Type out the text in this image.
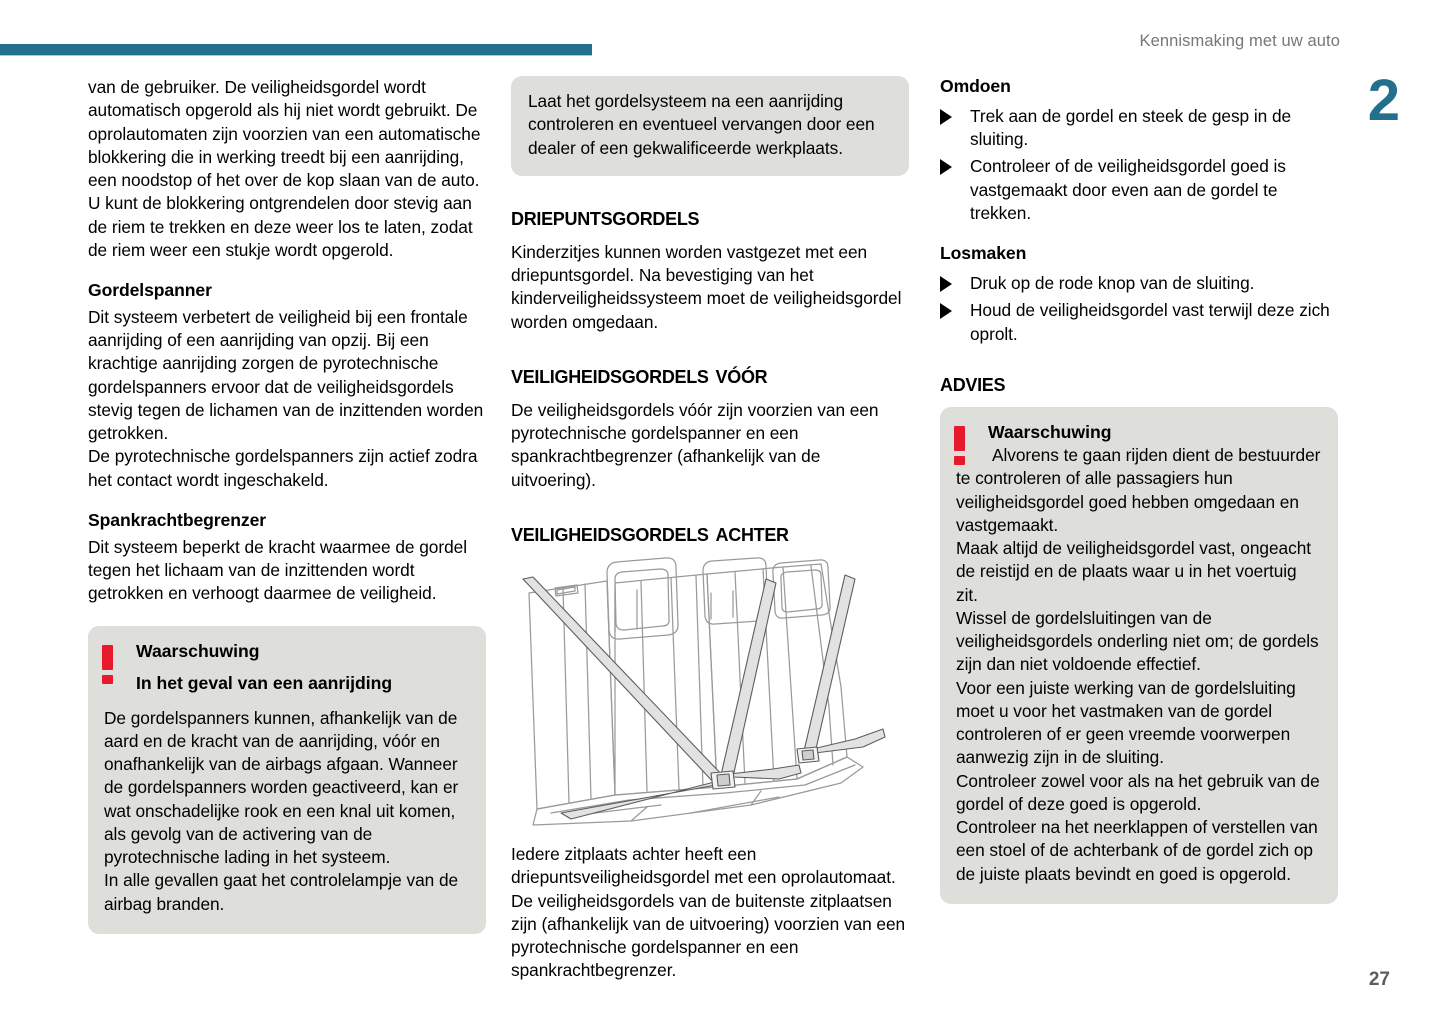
Kennismaking met uw auto
2
27

van de gebruiker. De veiligheidsgordel wordt automatisch opgerold als hij niet wordt gebruikt. De oprolautomaten zijn voorzien van een automatische blokkering die in werking treedt bij een aanrijding, een noodstop of het over de kop slaan van de auto. U kunt de blokkering ontgrendelen door stevig aan de riem te trekken en deze weer los te laten, zodat de riem weer een stukje wordt opgerold.

Gordelspanner

Dit systeem verbetert de veiligheid bij een frontale aanrijding of een aanrijding van opzij. Bij een krachtige aanrijding zorgen de pyrotechnische gordelspanners ervoor dat de veiligheidsgordels stevig tegen de lichamen van de inzittenden worden getrokken.

De pyrotechnische gordelspanners zijn actief zodra het contact wordt ingeschakeld.

Spankrachtbegrenzer

Dit systeem beperkt de kracht waarmee de gordel tegen het lichaam van de inzittenden wordt getrokken en verhoogt daarmee de veiligheid.

Waarschuwing
In het geval van een aanrijding

De gordelspanners kunnen, afhankelijk van de aard en de kracht van de aanrijding, vóór en onafhankelijk van de airbags afgaan. Wanneer de gordelspanners worden geactiveerd, kan er wat onschadelijke rook en een knal uit komen, als gevolg van de activering van de pyrotechnische lading in het systeem.

In alle gevallen gaat het controlelampje van de airbag branden.

Laat het gordelsysteem na een aanrijding controleren en eventueel vervangen door een dealer of een gekwalificeerde werkplaats.

driepuntsgordels

Kinderzitjes kunnen worden vastgezet met een driepuntsgordel. Na bevestiging van het kinderveiligheidssysteem moet de veiligheidsgordel worden omgedaan.

veiligheidsgordels vóór

De veiligheidsgordels vóór zijn voorzien van een pyrotechnische gordelspanner en een spankrachtbegrenzer (afhankelijk van de uitvoering).

veiligheidsgordels achter

Iedere zitplaats achter heeft een driepuntsveiligheidsgordel met een oprolautomaat.

De veiligheidsgordels van de buitenste zitplaatsen zijn (afhankelijk van de uitvoering) voorzien van een pyrotechnische gordelspanner en een spankrachtbegrenzer.

Omdoen
Trek aan de gordel en steek de gesp in de sluiting.
Controleer of de veiligheidsgordel goed is vastgemaakt door even aan de gordel te trekken.
Losmaken
Druk op de rode knop van de sluiting.
Houd de veiligheidsgordel vast terwijl deze zich oprolt.
advies
Waarschuwing

Alvorens te gaan rijden dient de bestuurder te controleren of alle passagiers hun veiligheidsgordel goed hebben omgedaan en vastgemaakt.

Maak altijd de veiligheidsgordel vast, ongeacht de reistijd en de plaats waar u in het voertuig zit.

Wissel de gordelsluitingen van de veiligheidsgordels onderling niet om; de gordels zijn dan niet voldoende effectief.

Voor een juiste werking van de gordelsluiting moet u voor het vastmaken van de gordel controleren of er geen vreemde voorwerpen aanwezig zijn in de sluiting.

Controleer zowel voor als na het gebruik van de gordel of deze goed is opgerold.

Controleer na het neerklappen of verstellen van een stoel of de achterbank of de gordel zich op de juiste plaats bevindt en goed is opgerold.
